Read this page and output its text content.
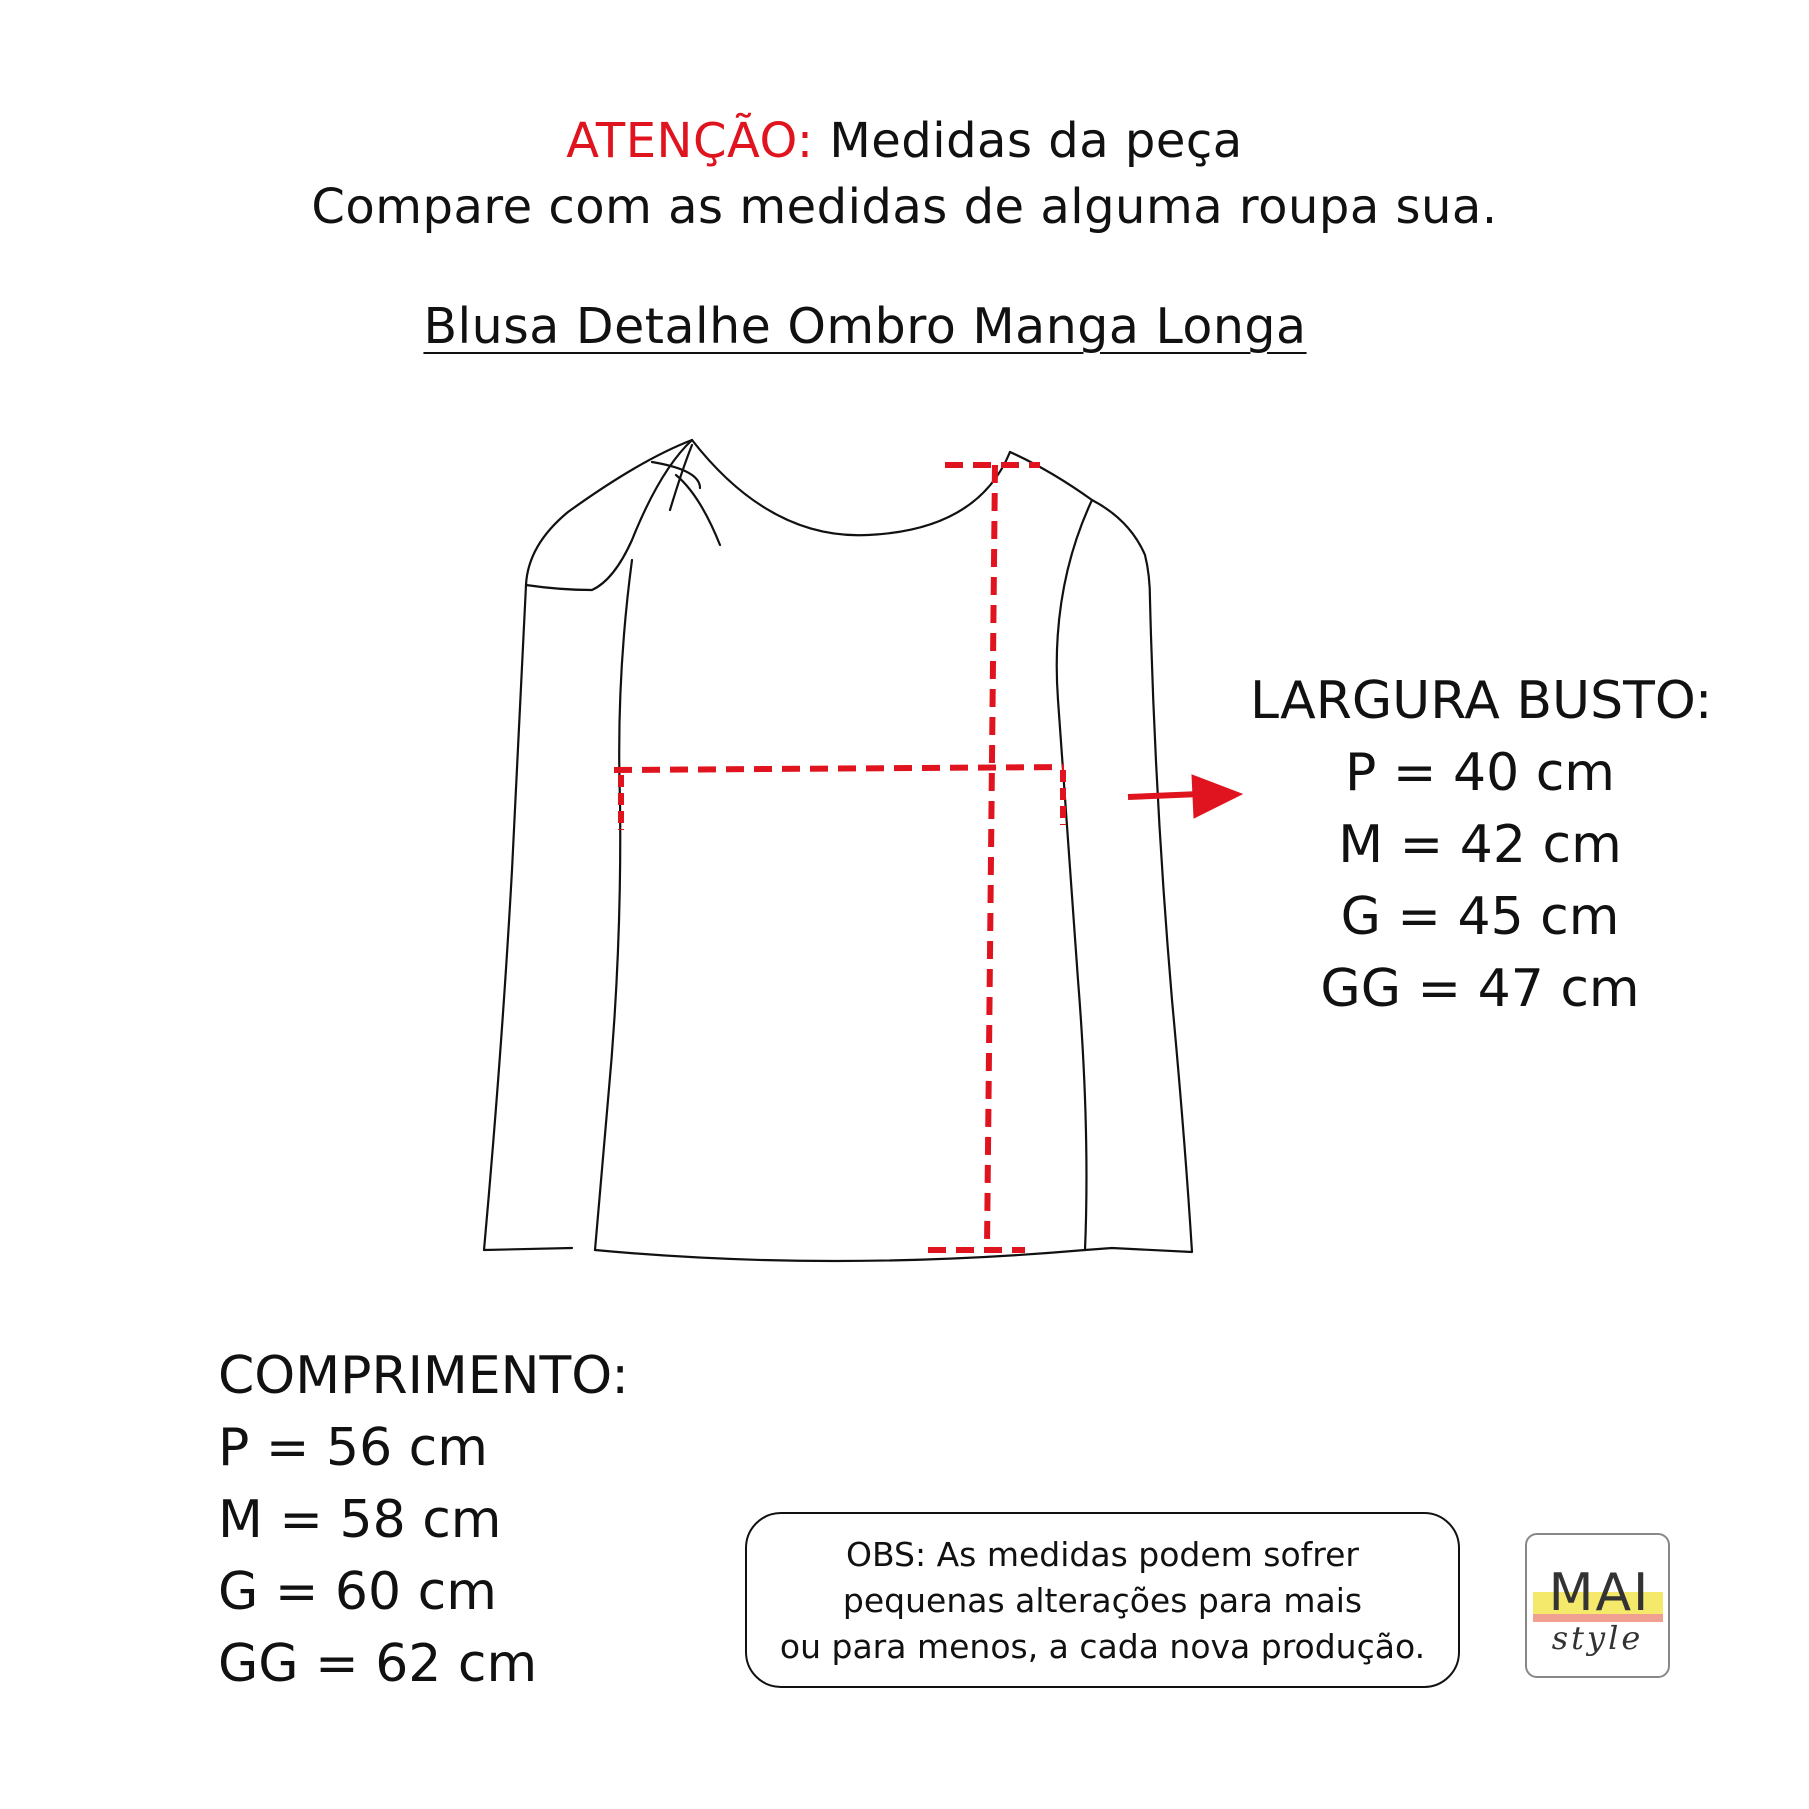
ATENÇÃO: Medidas da peça
Compare com as medidas de alguma roupa sua.
Blusa Detalhe Ombro Manga Longa
LARGURA BUSTO:
P = 40 cm
M = 42 cm
G = 45 cm
GG = 47 cm
COMPRIMENTO:
P = 56 cm
M = 58 cm
G = 60 cm
GG = 62 cm
OBS: As medidas podem sofrer
pequenas alterações para mais
ou para menos, a cada nova produção.
MAI
style
